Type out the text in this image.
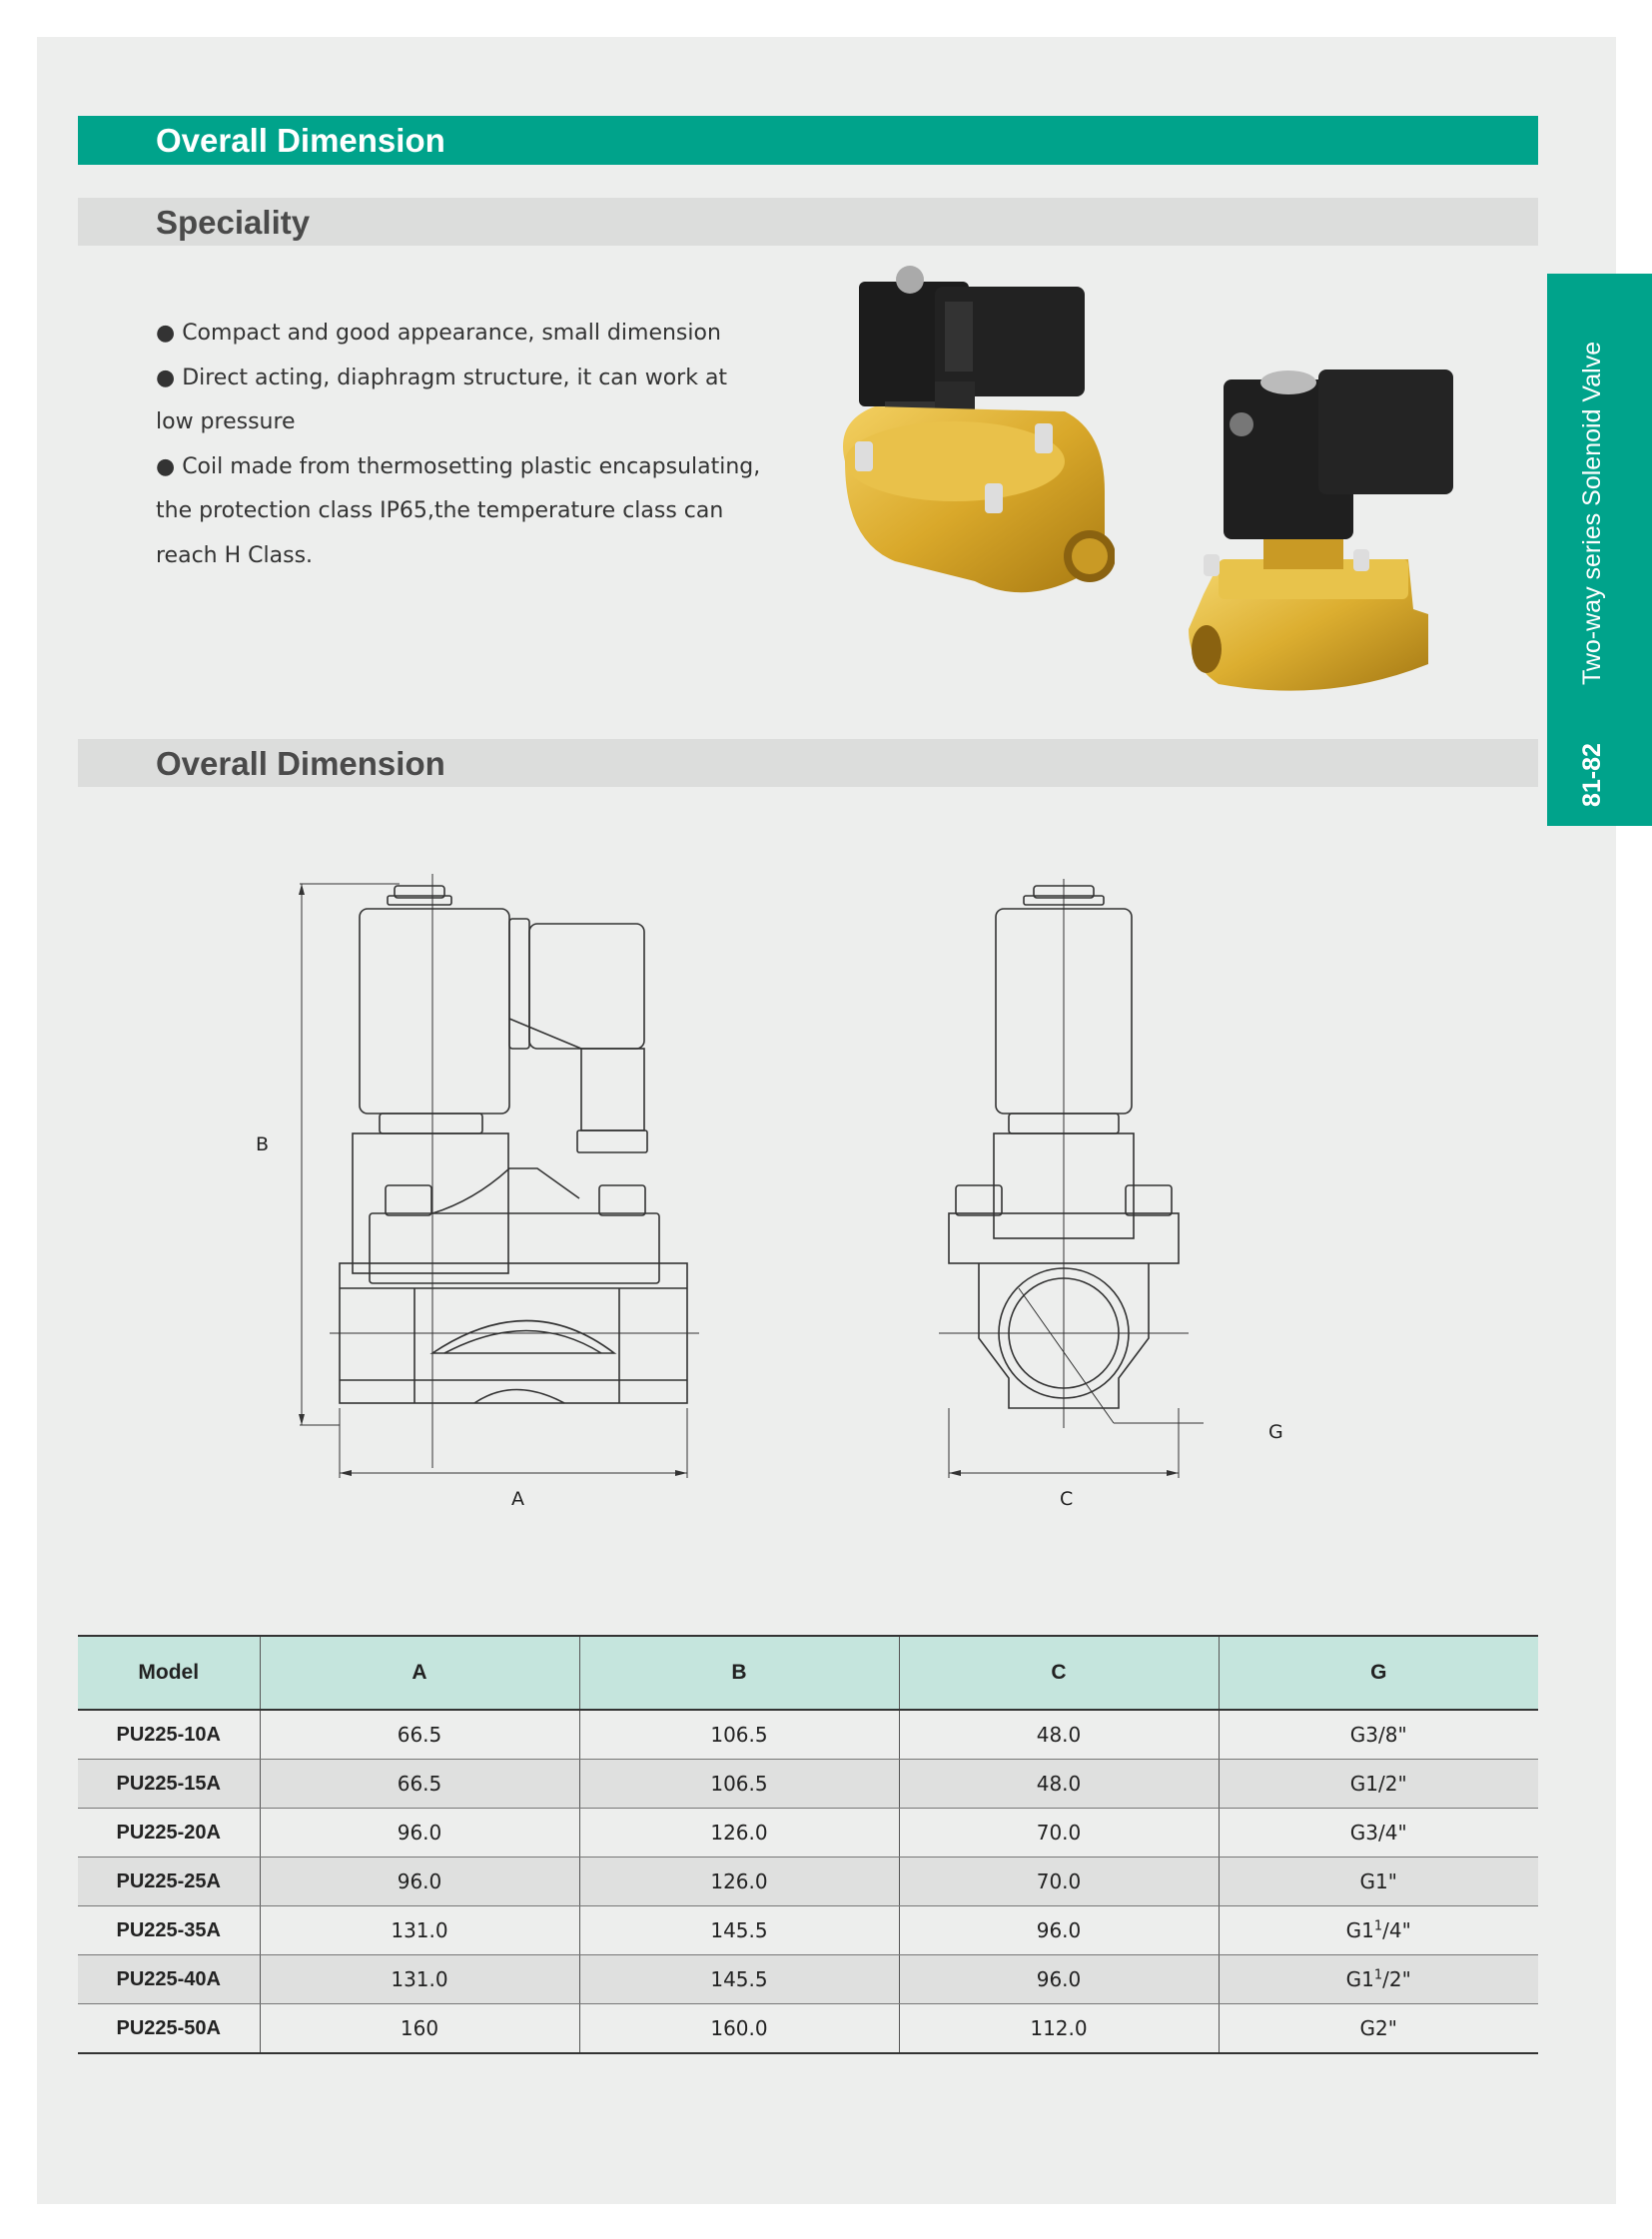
Overall Dimension
Speciality

● Compact and good appearance, small dimension

● Direct acting, diaphragm structure, it can work at low pressure

● Coil made from thermosetting plastic encapsulating, the protection class IP65,the temperature class can reach H Class.

81-82Two-way series Solenoid Valve
Overall Dimension
B
A	C
G
Model	A	B	C	G
PU225-10A	66.5	106.5	48.0	G3/8"
PU225-15A	66.5	106.5	48.0	G1/2"
PU225-20A	96.0	126.0	70.0	G3/4"
PU225-25A	96.0	126.0	70.0	G1"
PU225-35A	131.0	145.5	96.0	$G1^1/4$"
PU225-40A	131.0	145.5	96.0	$G1^1/2$"
PU225-50A	160	160.0	112.0	G2"
